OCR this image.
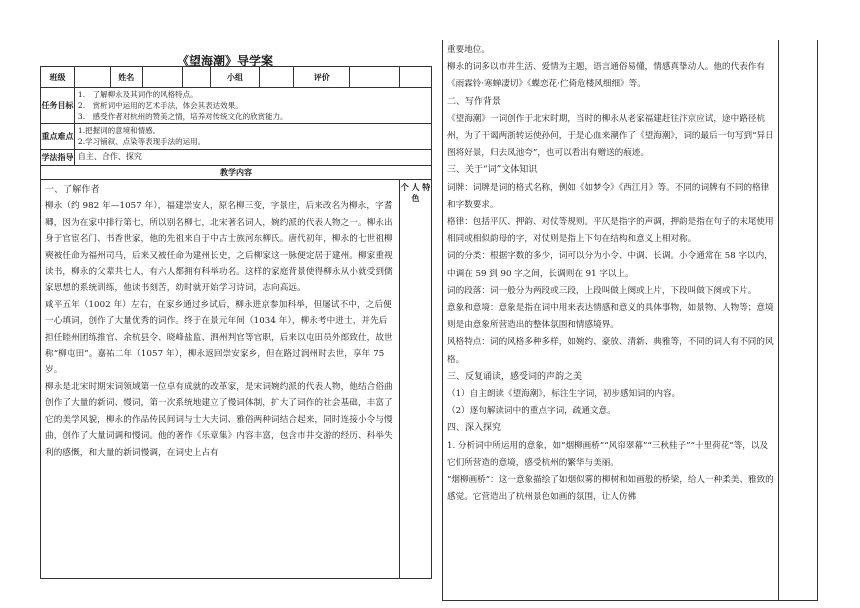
《望海潮》导学案
班级		姓名			小组		评价		
任务目标	1.　了解柳永及其词作的风格特点。
2.　赏析词中运用的艺术手法，体会其表达效果。
3.　感受作者对杭州的赞美之情，培养对传统文化的欣赏能力。								

重点难点	1.把握词的意境和情感。
2.学习铺叙、点染等表现手法的运用。								

学法指导	自主、合作、探究								
教学内容									

一、了解作者

柳永（约 982 年—1057 年），福建崇安人，原名柳三变，字景庄，后来改名为柳永，字耆卿，因为在家中排行第七，所以别名柳七，北宋著名词人，婉约派的代表人物之一。柳永出身于官宦名门、书香世家，他的先祖来自于中古士族河东柳氏。唐代初年，柳永的七世祖柳奭被任命为福州司马，后来又被任命为建州长史，之后柳家这一脉便定居于建州。柳家重视读书，柳永的父辈共七人，有六人都拥有科举功名。这样的家庭背景使得柳永从小就受到儒家思想的系统训练，他读书刻苦，幼时就开始学习诗词，志向高远。

咸平五年（1002 年）左右，在家乡通过乡试后，柳永进京参加科举，但屡试不中，之后便一心填词，创作了大量优秀的词作。终于在景元年间（1034 年），柳永考中进士，并先后担任睦州团练推官、余杭县令、晓峰盐监、泗州判官等官职，后来以屯田员外郎致仕，故世称“柳屯田”。嘉祐二年（1057 年），柳永返回崇安家乡，但在路过润州时去世，享年 75 岁。

柳永是北宋时期宋词领域第一位卓有成就的改革家，是宋词婉约派的代表人物，他结合俗曲创作了大量的新词、慢词，第一次系统地建立了慢词体制，扩大了词作的社会基础，丰富了它的美学风貌，柳永的作品传民间词与士大夫词、雅俗两种词结合起来，同时连接小令与慢曲，创作了大量词调和慢词。他的著作《乐章集》内容丰富，包含市井交游的经历、科举失利的感慨，和大量的新词慢调，在词史上占有									个 人 特色

重要地位。

柳永的词多以市井生活、爱情为主题，语言通俗易懂，情感真挚动人。他的代表作有《雨霖铃·寒蝉凄切》《蝶恋花·伫倚危楼风细细》等。

二、写作背景

《望海潮》一词创作于北宋时期，当时的柳永从老家福建赶往汴京应试，途中路径杭州，为了干谒两浙转运使孙何，于是心血来潮作了《望海潮》，词的最后一句写到“异日图将好景，归去凤池夸”，也可以看出有赠送的痕迹。

三、关于“词”文体知识

词牌：词牌是词的格式名称，例如《如梦令》《西江月》等。不同的词牌有不同的格律和字数要求。

格律：包括平仄、押韵、对仗等规则。平仄是指字的声调，押韵是指在句子的末尾使用相同或相似韵母的字，对仗则是指上下句在结构和意义上相对称。

词的分类：根据字数的多少，词可以分为小令、中调、长调。小令通常在 58 字以内，中调在 59 到 90 字之间，长调则在 91 字以上。

词的段落：词一般分为两段或三段，上段叫做上阕或上片，下段叫做下阕或下片。

意象和意境：意象是指在词中用来表达情感和意义的具体事物，如景物、人物等；意境则是由意象所营造出的整体氛围和情感境界。

风格特点：词的风格多种多样，如婉约、豪放、清新、典雅等，不同的词人有不同的风格。

三、反复诵读，感受词的声韵之美

（1）自主朗读《望海潮》，标注生字词，初步感知词的内容。

（2）逐句解读词中的重点字词，疏通文意。

四、深入探究

1. 分析词中所运用的意象，如“烟柳画桥”“风帘翠幕”“三秋桂子”“十里荷花”等，以及它们所营造的意境，感受杭州的繁华与美丽。

“烟柳画桥”：这一意象描绘了如烟似雾的柳树和如画般的桥梁，给人一种柔美、雅致的感觉。它营造出了杭州景色如画的氛围，让人仿佛
